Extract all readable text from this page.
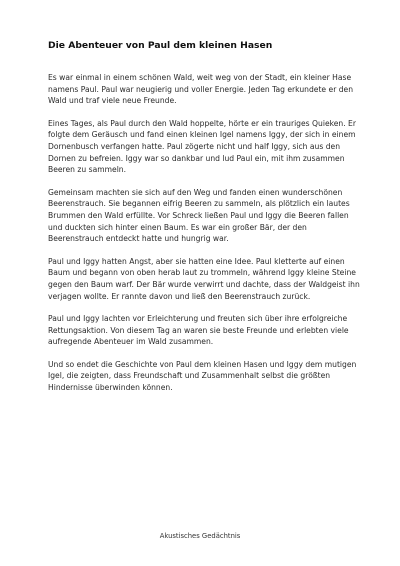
Die Abenteuer von Paul dem kleinen Hasen

Es war einmal in einem schönen Wald, weit weg von der Stadt, ein kleiner Hase namens Paul. Paul war neugierig und voller Energie. Jeden Tag erkundete er den Wald und traf viele neue Freunde.

Eines Tages, als Paul durch den Wald hoppelte, hörte er ein trauriges Quieken. Er folgte dem Geräusch und fand einen kleinen Igel namens Iggy, der sich in einem Dornenbusch verfangen hatte. Paul zögerte nicht und half Iggy, sich aus den Dornen zu befreien. Iggy war so dankbar und lud Paul ein, mit ihm zusammen Beeren zu sammeln.

Gemeinsam machten sie sich auf den Weg und fanden einen wunderschönen Beerenstrauch. Sie begannen eifrig Beeren zu sammeln, als plötzlich ein lautes Brummen den Wald erfüllte. Vor Schreck ließen Paul und Iggy die Beeren fallen und duckten sich hinter einen Baum. Es war ein großer Bär, der den Beerenstrauch entdeckt hatte und hungrig war.

Paul und Iggy hatten Angst, aber sie hatten eine Idee. Paul kletterte auf einen Baum und begann von oben herab laut zu trommeln, während Iggy kleine Steine gegen den Baum warf. Der Bär wurde verwirrt und dachte, dass der Waldgeist ihn verjagen wollte. Er rannte davon und ließ den Beerenstrauch zurück.

Paul und Iggy lachten vor Erleichterung und freuten sich über ihre erfolgreiche Rettungsaktion. Von diesem Tag an waren sie beste Freunde und erlebten viele aufregende Abenteuer im Wald zusammen.

Und so endet die Geschichte von Paul dem kleinen Hasen und Iggy dem mutigen Igel, die zeigten, dass Freundschaft und Zusammenhalt selbst die größten Hindernisse überwinden können.

Akustisches Gedächtnis
